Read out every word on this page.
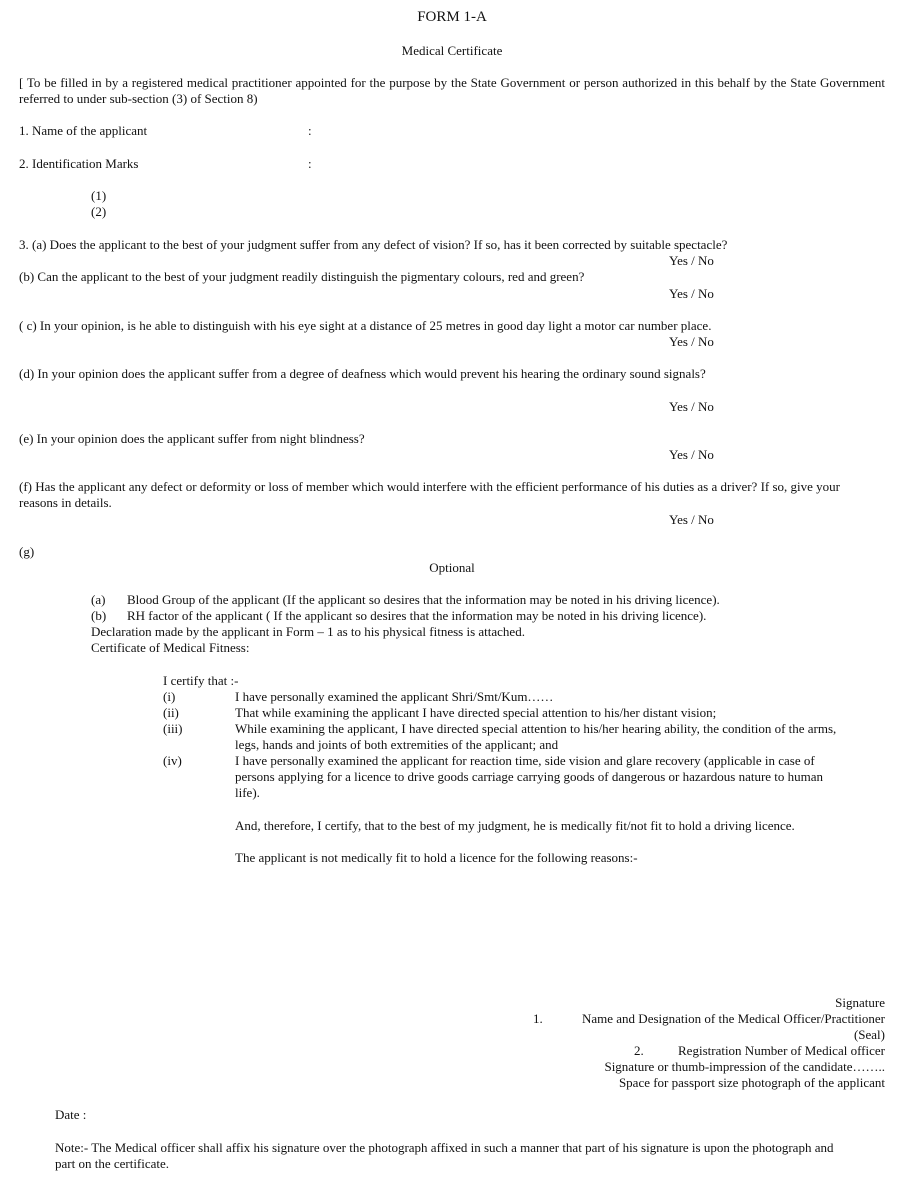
FORM 1-A
Medical Certificate
[ To be filled in by a registered medical practitioner appointed for the purpose by the State Government or person authorized in this behalf by the State Government referred to under sub-section (3) of Section 8)
1. Name of the applicant	:
2. Identification Marks	:
(1)
(2)
3. (a) Does the applicant to the best of your judgment suffer from any defect of vision? If so, has it been corrected by suitable spectacle?
Yes / No
(b) Can the applicant to the best of your judgment readily distinguish the pigmentary colours, red and green?
Yes / No
( c) In your opinion, is he able to distinguish with his eye sight at a distance of 25 metres in good day light a motor car number place.
Yes / No
(d) In your opinion does the applicant suffer from a degree of deafness which would prevent his hearing the ordinary sound signals?
Yes / No
(e) In your opinion does the applicant suffer from night blindness?
Yes / No
(f) Has the applicant any defect or deformity or loss of member which would interfere with the efficient performance of his duties as a driver? If so, give your reasons in details.
Yes / No
(g)
Optional
(a) Blood Group of the applicant (If the applicant so desires that the information may be noted in his driving licence).
(b) RH factor of the applicant ( If the applicant so desires that the information may be noted in his driving licence).
Declaration made by the applicant in Form – 1 as to his physical fitness is attached.
Certificate of Medical Fitness:
I certify that :-
(i)	I have personally examined the applicant Shri/Smt/Kum……
(ii)	That while examining the applicant I have directed special attention to his/her distant vision;
(iii)	While examining the applicant, I have directed special attention to his/her hearing ability, the condition of the arms, legs, hands and joints of both extremities of the applicant; and
(iv)	I have personally examined the applicant for reaction time, side vision and glare recovery (applicable in case of persons applying for a licence to drive goods carriage carrying goods of dangerous or hazardous nature to human life).
And, therefore, I certify, that to the best of my judgment, he is medically fit/not fit to hold a driving licence.
The applicant is not medically fit to hold a licence for the following reasons:-
Signature
1.	Name and Designation of the Medical Officer/Practitioner
(Seal)
2.	Registration Number of Medical officer
Signature or thumb-impression of the candidate……..
Space for passport size photograph of the applicant
Date :
Note:- The Medical officer shall affix his signature over the photograph affixed in such a manner that part of his signature is upon the photograph and part on the certificate.
